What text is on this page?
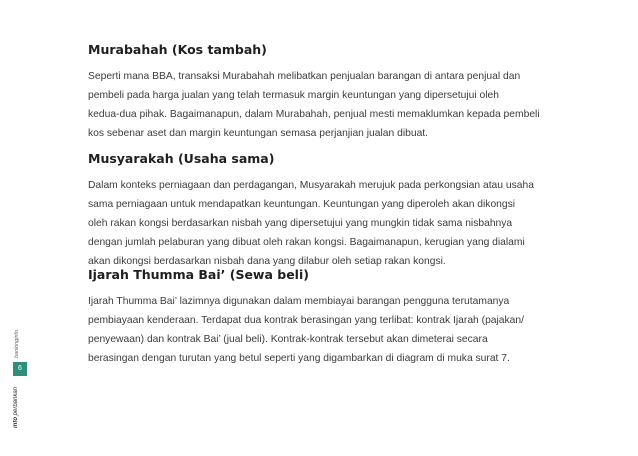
Murabahah (Kos tambah)

Seperti mana BBA, transaksi Murabahah melibatkan penjualan barangan di antara penjual dan
pembeli pada harga jualan yang telah termasuk margin keuntungan yang dipersetujui oleh
kedua-dua pihak. Bagaimanapun, dalam Murabahah, penjual mesti memaklumkan kepada pembeli
kos sebenar aset dan margin keuntungan semasa perjanjian jualan dibuat.

Musyarakah (Usaha sama)

Dalam konteks perniagaan dan perdagangan, Musyarakah merujuk pada perkongsian atau usaha
sama perniagaan untuk mendapatkan keuntungan. Keuntungan yang diperoleh akan dikongsi
oleh rakan kongsi berdasarkan nisbah yang dipersetujui yang mungkin tidak sama nisbahnya
dengan jumlah pelaburan yang dibuat oleh rakan kongsi. Bagaimanapun, kerugian yang dialami
akan dikongsi berdasarkan nisbah dana yang dilabur oleh setiap rakan kongsi.

Ijarah Thumma Bai’ (Sewa beli)

Ijarah Thumma Bai’ lazimnya digunakan dalam membiayai barangan pengguna terutamanya
pembiayaan kenderaan. Terdapat dua kontrak berasingan yang terlibat: kontrak Ijarah (pajakan/
penyewaan) dan kontrak Bai’ (jual beli). Kontrak-kontrak tersebut akan dimeterai secara
berasingan dengan turutan yang betul seperti yang digambarkan di diagram di muka surat 7.

bankinginfo
6
info perbankan
